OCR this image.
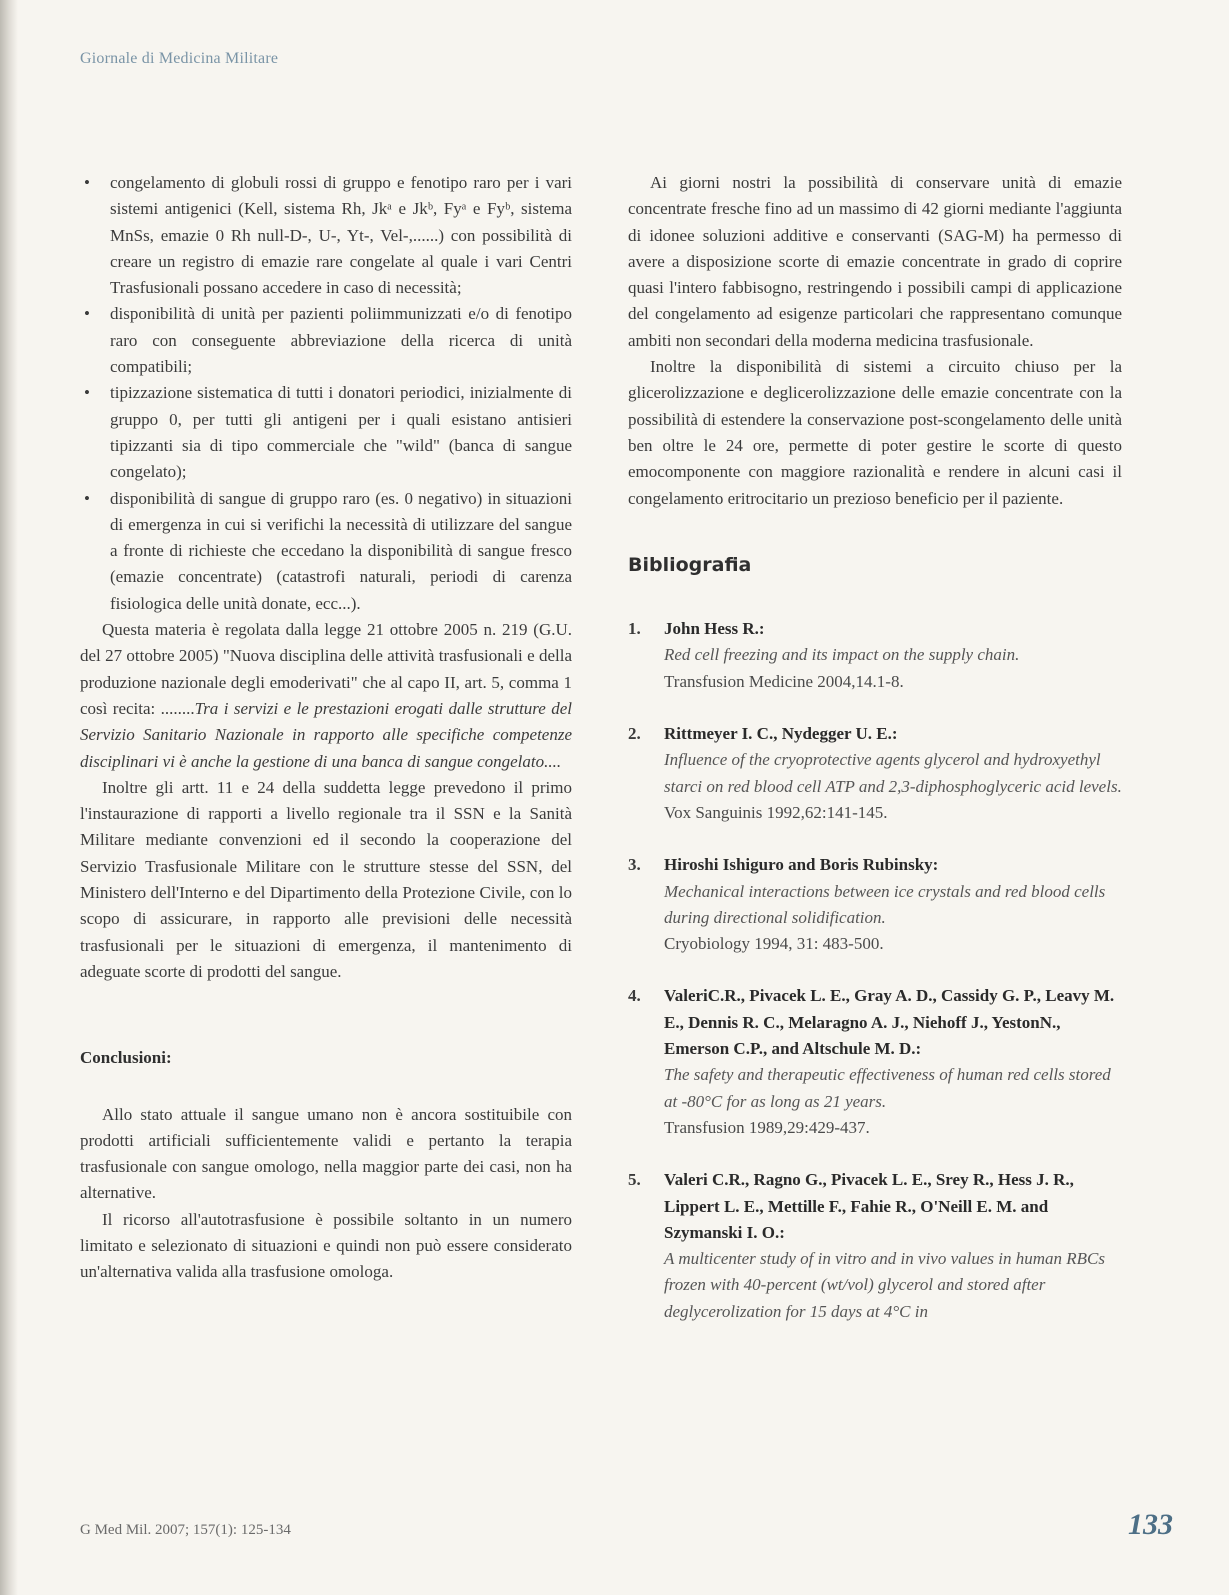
Giornale di Medicina Militare
• congelamento di globuli rossi di gruppo e fenotipo raro per i vari sistemi antigenici (Kell, sistema Rh, Jkᵃ e Jkᵇ, Fyᵃ e Fyᵇ, sistema MnSs, emazie 0 Rh null-D-, U-, Yt-, Vel-,......) con possibilità di creare un registro di emazie rare congelate al quale i vari Centri Trasfusionali possano accedere in caso di necessità;
• disponibilità di unità per pazienti poliimmunizzati e/o di fenotipo raro con conseguente abbreviazione della ricerca di unità compatibili;
• tipizzazione sistematica di tutti i donatori periodici, inizialmente di gruppo 0, per tutti gli antigeni per i quali esistano antisieri tipizzanti sia di tipo commerciale che "wild" (banca di sangue congelato);
• disponibilità di sangue di gruppo raro (es. 0 negativo) in situazioni di emergenza in cui si verifichi la necessità di utilizzare del sangue a fronte di richieste che eccedano la disponibilità di sangue fresco (emazie concentrate) (catastrofi naturali, periodi di carenza fisiologica delle unità donate, ecc...).

Questa materia è regolata dalla legge 21 ottobre 2005 n. 219 (G.U. del 27 ottobre 2005) "Nuova disciplina delle attività trasfusionali e della produzione nazionale degli emoderivati" che al capo II, art. 5, comma 1 così recita: ........Tra i servizi e le prestazioni erogati dalle strutture del Servizio Sanitario Nazionale in rapporto alle specifiche competenze disciplinari vi è anche la gestione di una banca di sangue congelato....

Inoltre gli artt. 11 e 24 della suddetta legge prevedono il primo l'instaurazione di rapporti a livello regionale tra il SSN e la Sanità Militare mediante convenzioni ed il secondo la cooperazione del Servizio Trasfusionale Militare con le strutture stesse del SSN, del Ministero dell'Interno e del Dipartimento della Protezione Civile, con lo scopo di assicurare, in rapporto alle previsioni delle necessità trasfusionali per le situazioni di emergenza, il mantenimento di adeguate scorte di prodotti del sangue.

Conclusioni:

Allo stato attuale il sangue umano non è ancora sostituibile con prodotti artificiali sufficientemente validi e pertanto la terapia trasfusionale con sangue omologo, nella maggior parte dei casi, non ha alternative.

Il ricorso all'autotrasfusione è possibile soltanto in un numero limitato e selezionato di situazioni e quindi non può essere considerato un'alternativa valida alla trasfusione omologa.

Ai giorni nostri la possibilità di conservare unità di emazie concentrate fresche fino ad un massimo di 42 giorni mediante l'aggiunta di idonee soluzioni additive e conservanti (SAG-M) ha permesso di avere a disposizione scorte di emazie concentrate in grado di coprire quasi l'intero fabbisogno, restringendo i possibili campi di applicazione del congelamento ad esigenze particolari che rappresentano comunque ambiti non secondari della moderna medicina trasfusionale.

Inoltre la disponibilità di sistemi a circuito chiuso per la glicerolizzazione e deglicerolizzazione delle emazie concentrate con la possibilità di estendere la conservazione post-scongelamento delle unità ben oltre le 24 ore, permette di poter gestire le scorte di questo emocomponente con maggiore razionalità e rendere in alcuni casi il congelamento eritrocitario un prezioso beneficio per il paziente.

Bibliografia
1. John Hess R.:
Red cell freezing and its impact on the supply chain.
Transfusion Medicine 2004,14.1-8.
2. Rittmeyer I. C., Nydegger U. E.:
Influence of the cryoprotective agents glycerol and hydroxyethyl starci on red blood cell ATP and 2,3-diphosphoglyceric acid levels.
Vox Sanguinis 1992,62:141-145.
3. Hiroshi Ishiguro and Boris Rubinsky:
Mechanical interactions between ice crystals and red blood cells during directional solidification.
Cryobiology 1994, 31: 483-500.
4. ValeriC.R., Pivacek L. E., Gray A. D., Cassidy G. P., Leavy M. E., Dennis R. C., Melaragno A. J., Niehoff J., YestonN., Emerson C.P., and Altschule M. D.:
The safety and therapeutic effectiveness of human red cells stored at -80°C for as long as 21 years.
Transfusion 1989,29:429-437.
5. Valeri C.R., Ragno G., Pivacek L. E., Srey R., Hess J. R., Lippert L. E., Mettille F., Fahie R., O'Neill E. M. and Szymanski I. O.:
A multicenter study of in vitro and in vivo values in human RBCs frozen with 40-percent (wt/vol) glycerol and stored after deglycerolization for 15 days at 4°C in
G Med Mil. 2007; 157(1): 125-134	133
